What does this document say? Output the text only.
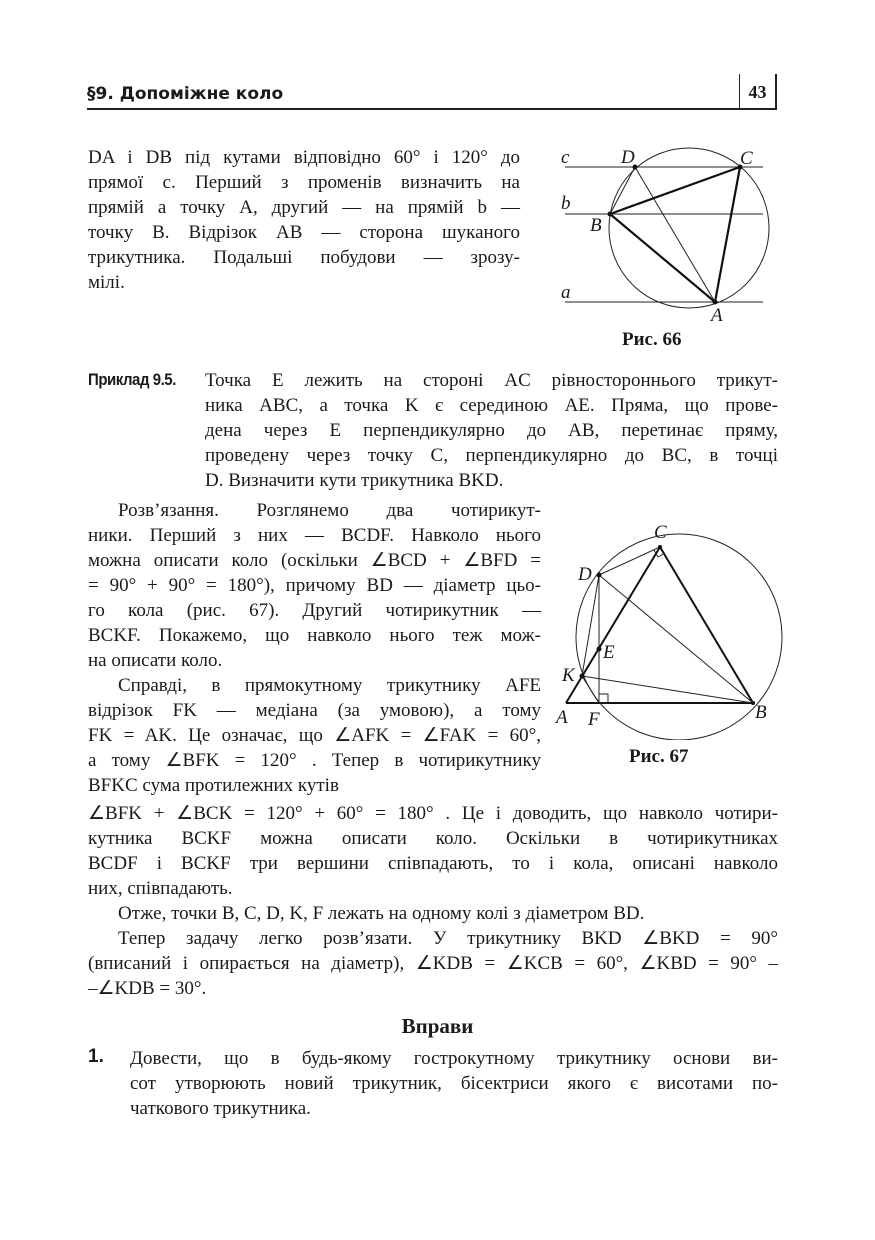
§9. Допоміжне коло	43
DA і DB під кутами відповідно 60° і 120° до
прямої c. Перший з променів визначить на
прямій a точку A, другий — на прямій b —
точку B. Відрізок AB — сторона шуканого
трикутника. Подальші побудови — зрозу-
мілі.
c
b
a
D	C
B
A
Рис. 66
Приклад 9.5. Точка E лежить на стороні AC рівностороннього трикут-
ника ABC, а точка K є серединою AE. Пряма, що прове-
дена через E перпендикулярно до AB, перетинає пряму,
проведену через точку C, перпендикулярно до BC, в точці
D. Визначити кути трикутника BKD.
Розв’язання. Розглянемо два чотирикут-
ники. Перший з них — BCDF. Навколо нього
можна описати коло (оскільки ∠BCD + ∠BFD =
= 90° + 90° = 180°), причому BD — діаметр цьо-
го кола (рис. 67). Другий чотирикутник —
BCKF. Покажемо, що навколо нього теж мож-
на описати коло.
Справді, в прямокутному трикутнику AFE
відрізок FK — медіана (за умовою), а тому
FK = AK. Це означає, що ∠AFK = ∠FAK = 60°,
а тому ∠BFK = 120° . Тепер в чотирикутнику
BFKC сума протилежних кутів
C
D
E
K
A F	B
Рис. 67
∠BFK + ∠BCK = 120° + 60° = 180° . Це і доводить, що навколо чотири-
кутника BCKF можна описати коло. Оскільки в чотирикутниках
BCDF і BCKF три вершини співпадають, то і кола, описані навколо
них, співпадають.
Отже, точки B, C, D, K, F лежать на одному колі з діаметром BD.
Тепер задачу легко розв’язати. У трикутнику BKD ∠BKD = 90°
(вписаний і опирається на діаметр), ∠KDB = ∠KCB = 60°, ∠KBD = 90° –
–∠KDB = 30°.
Вправи
1. Довести, що в будь-якому гострокутному трикутнику основи ви-
сот утворюють новий трикутник, бісектриси якого є висотами по-
чаткового трикутника.
